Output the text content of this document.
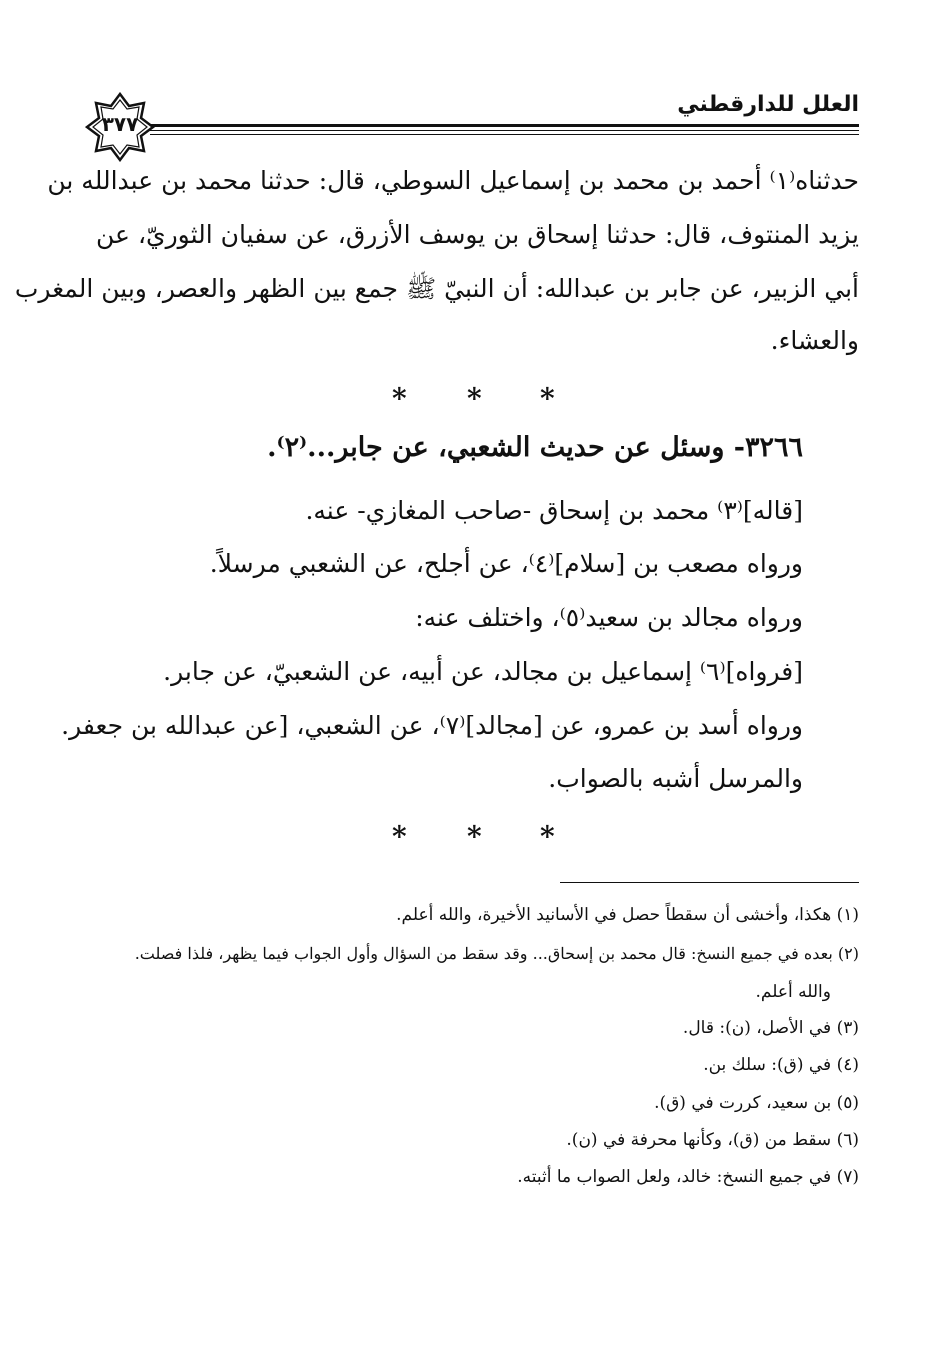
العلل للدارقطني
٣٧٧
حدثناه⁽١⁾ أحمد بن محمد بن إسماعيل السوطي، قال: حدثنا محمد بن عبدالله بن
يزيد المنتوف، قال: حدثنا إسحاق بن يوسف الأزرق، عن سفيان الثوريّ، عن
أبي الزبير، عن جابر بن عبدالله: أن النبيّ ﷺ جمع بين الظهر والعصر، وبين المغرب
والعشاء.
* * *
٣٢٦٦- وسئل عن حديث الشعبي، عن جابر...⁽٢⁾.
[قاله]⁽٣⁾ محمد بن إسحاق -صاحب المغازي- عنه.
ورواه مصعب بن [سلام]⁽٤⁾، عن أجلح، عن الشعبي مرسلاً.
ورواه مجالد بن سعيد⁽٥⁾، واختلف عنه:
[فرواه]⁽٦⁾ إسماعيل بن مجالد، عن أبيه، عن الشعبيّ، عن جابر.
ورواه أسد بن عمرو، عن [مجالد]⁽٧⁾، عن الشعبي، [عن عبدالله بن جعفر.
والمرسل أشبه بالصواب.
* * *
(١) هكذا، وأخشى أن سقطاً حصل في الأسانيد الأخيرة، والله أعلم.
(٢) بعده في جميع النسخ: قال محمد بن إسحاق... وقد سقط من السؤال وأول الجواب فيما يظهر، فلذا فصلت.
والله أعلم.
(٣) في الأصل، (ن): قال.
(٤) في (ق): سلك بن.
(٥) بن سعيد، كررت في (ق).
(٦) سقط من (ق)، وكأنها محرفة في (ن).
(٧) في جميع النسخ: خالد، ولعل الصواب ما أثبته.
